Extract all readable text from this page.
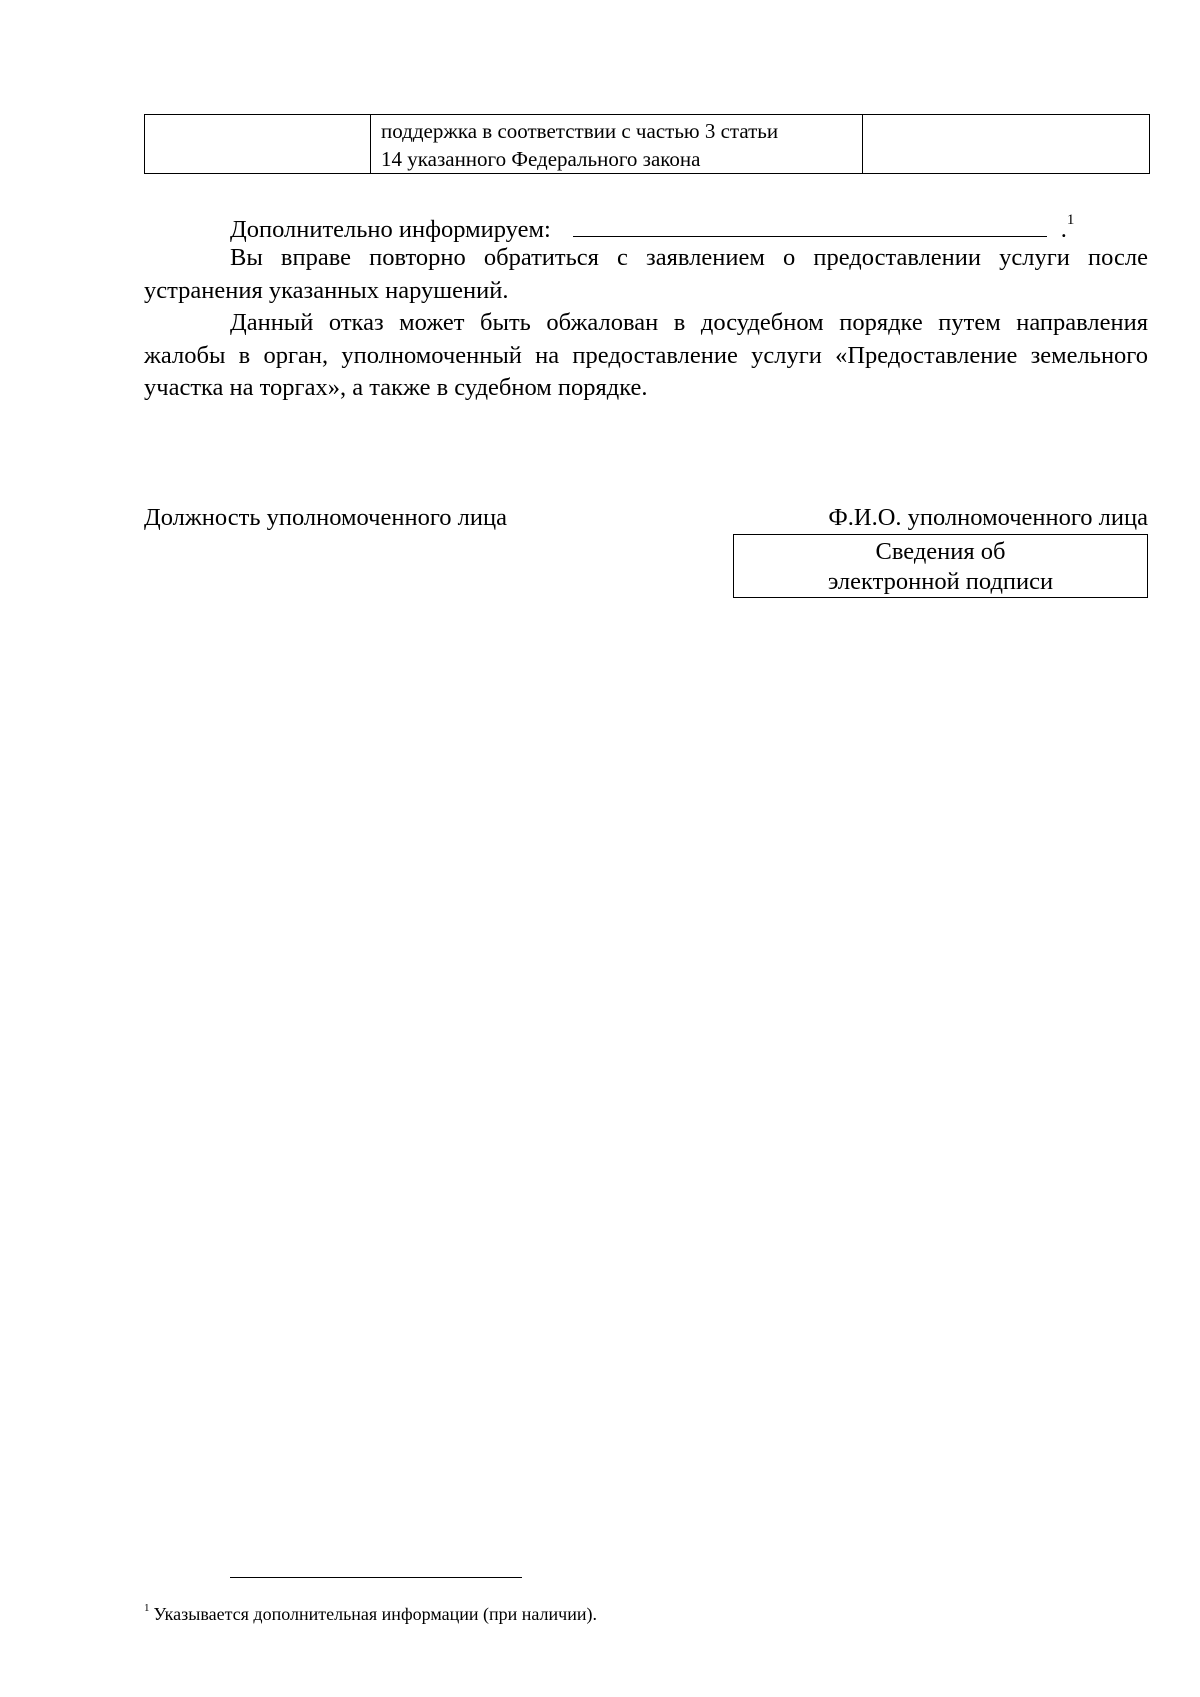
поддержка в соответствии с частью 3 статьи
14 указанного Федерального закона

Дополнительно информируем:	.$^1$

Вы вправе повторно обратиться с заявлением о предоставлении услуги после устранения указанных нарушений.

Данный отказ может быть обжалован в досудебном порядке путем направления жалобы в орган, уполномоченный на предоставление услуги «Предоставление земельного участка на торгах», а также в судебном порядке.

Должность уполномоченного лица	Ф.И.О. уполномоченного лица
Сведения об
электронной подписи
$^1$ Указывается дополнительная информации (при наличии).
